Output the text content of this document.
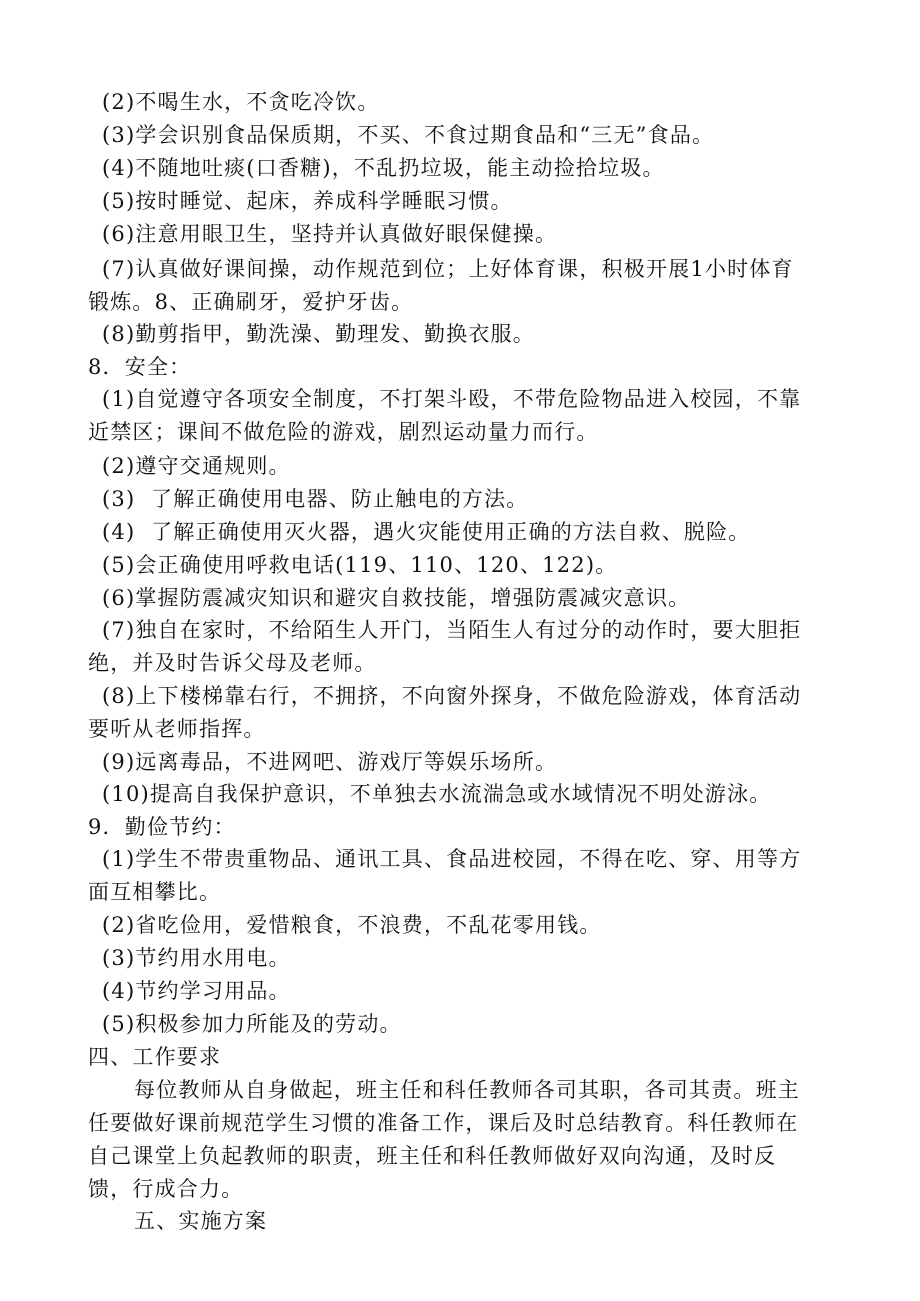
(2)不喝生水，不贪吃冷饮。
(3)学会识别食品保质期，不买、不食过期食品和“三无”食品。
(4)不随地吐痰(口香糖)，不乱扔垃圾，能主动捡拾垃圾。
(5)按时睡觉、起床，养成科学睡眠习惯。
(6)注意用眼卫生，坚持并认真做好眼保健操。
(7)认真做好课间操，动作规范到位；上好体育课，积极开展1小时体育
锻炼。8、正确刷牙，爱护牙齿。
(8)勤剪指甲，勤洗澡、勤理发、勤换衣服。
8．安全：
(1)自觉遵守各项安全制度，不打架斗殴，不带危险物品进入校园，不靠
近禁区；课间不做危险的游戏，剧烈运动量力而行。
(2)遵守交通规则。
(3)  了解正确使用电器、防止触电的方法。
(4)  了解正确使用灭火器，遇火灾能使用正确的方法自救、脱险。
(5)会正确使用呼救电话(119、110、120、122)。
(6)掌握防震减灾知识和避灾自救技能，增强防震减灾意识。
(7)独自在家时，不给陌生人开门，当陌生人有过分的动作时，要大胆拒
绝，并及时告诉父母及老师。
(8)上下楼梯靠右行，不拥挤，不向窗外探身，不做危险游戏，体育活动
要听从老师指挥。
(9)远离毒品，不进网吧、游戏厅等娱乐场所。
(10)提高自我保护意识，不单独去水流湍急或水域情况不明处游泳。
9．勤俭节约：
(1)学生不带贵重物品、通讯工具、食品进校园，不得在吃、穿、用等方
面互相攀比。
(2)省吃俭用，爱惜粮食，不浪费，不乱花零用钱。
(3)节约用水用电。
(4)节约学习用品。
(5)积极参加力所能及的劳动。
四、工作要求
每位教师从自身做起，班主任和科任教师各司其职，各司其责。班主
任要做好课前规范学生习惯的准备工作，课后及时总结教育。科任教师在
自己课堂上负起教师的职责，班主任和科任教师做好双向沟通，及时反
馈，行成合力。
五、实施方案
